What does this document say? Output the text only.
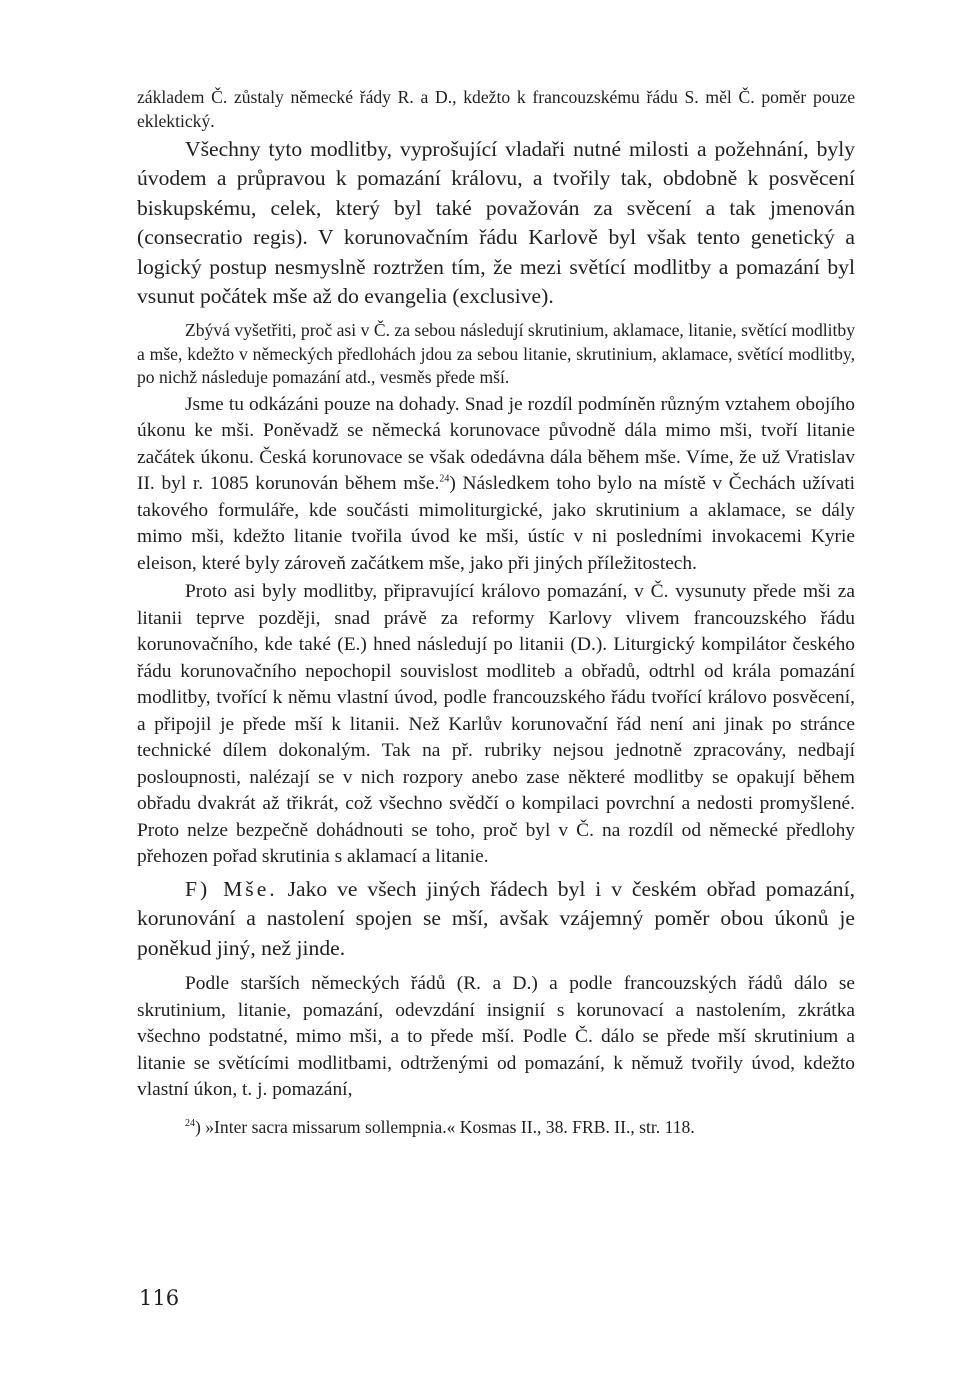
základem Č. zůstaly německé řády R. a D., kdežto k francouzskému řádu S. měl Č. poměr pouze eklektický.

Všechny tyto modlitby, vyprošující vladaři nutné milosti a požehnání, byly úvodem a průpravou k pomazání královu, a tvořily tak, obdobně k posvěcení biskupskému, celek, který byl také považován za svěcení a tak jmenován (consecratio regis). V korunovačním řádu Karlově byl však tento genetický a logický postup nesmyslně roztržen tím, že mezi světící modlitby a pomazání byl vsunut počátek mše až do evangelia (exclusive).

Zbývá vyšetřiti, proč asi v Č. za sebou následují skrutinium, aklamace, litanie, světící modlitby a mše, kdežto v německých předlohách jdou za sebou litanie, skrutinium, aklamace, světící modlitby, po nichž následuje pomazání atd., vesměs přede mší.

Jsme tu odkázáni pouze na dohady. Snad je rozdíl podmíněn různým vztahem obojího úkonu ke mši. Poněvadž se německá korunovace původně dála mimo mši, tvoří litanie začátek úkonu. Česká korunovace se však odedávna dála během mše. Víme, že už Vratislav II. byl r. 1085 korunován během mše.$^{24}$) Následkem toho bylo na místě v Čechách užívati takového formuláře, kde součásti mimoliturgické, jako skrutinium a aklamace, se dály mimo mši, kdežto litanie tvořila úvod ke mši, ústíc v ni posledními invokacemi Kyrie eleison, které byly zároveň začátkem mše, jako při jiných příležitostech.

Proto asi byly modlitby, připravující královo pomazání, v Č. vysunuty přede mši za litanii teprve později, snad právě za reformy Karlovy vlivem francouzského řádu korunovačního, kde také (E.) hned následují po litanii (D.). Liturgický kompilátor českého řádu korunovačního nepochopil souvislost modliteb a obřadů, odtrhl od krála pomazání modlitby, tvořící k němu vlastní úvod, podle francouzského řádu tvořící královo posvěcení, a připojil je přede mší k litanii. Než Karlův korunovační řád není ani jinak po stránce technické dílem dokonalým. Tak na př. rubriky nejsou jednotně zpracovány, nedbají posloupnosti, nalézají se v nich rozpory anebo zase některé modlitby se opakují během obřadu dvakrát až třikrát, což všechno svědčí o kompilaci povrchní a nedosti promyšlené. Proto nelze bezpečně dohádnouti se toho, proč byl v Č. na rozdíl od německé předlohy přehozen pořad skrutinia s aklamací a litanie.

F) Mše. Jako ve všech jiných řádech byl i v českém obřad pomazání, korunování a nastolení spojen se mší, avšak vzájemný poměr obou úkonů je poněkud jiný, než jinde.

Podle starších německých řádů (R. a D.) a podle francouzských řádů dálo se skrutinium, litanie, pomazání, odevzdání insignií s korunovací a nastolením, zkrátka všechno podstatné, mimo mši, a to přede mší. Podle Č. dálo se přede mší skrutinium a litanie se světícími modlitbami, odtrženými od pomazání, k němuž tvořily úvod, kdežto vlastní úkon, t. j. pomazání,

$^{24}$) »Inter sacra missarum sollempnia.« Kosmas II., 38. FRB. II., str. 118.

116
